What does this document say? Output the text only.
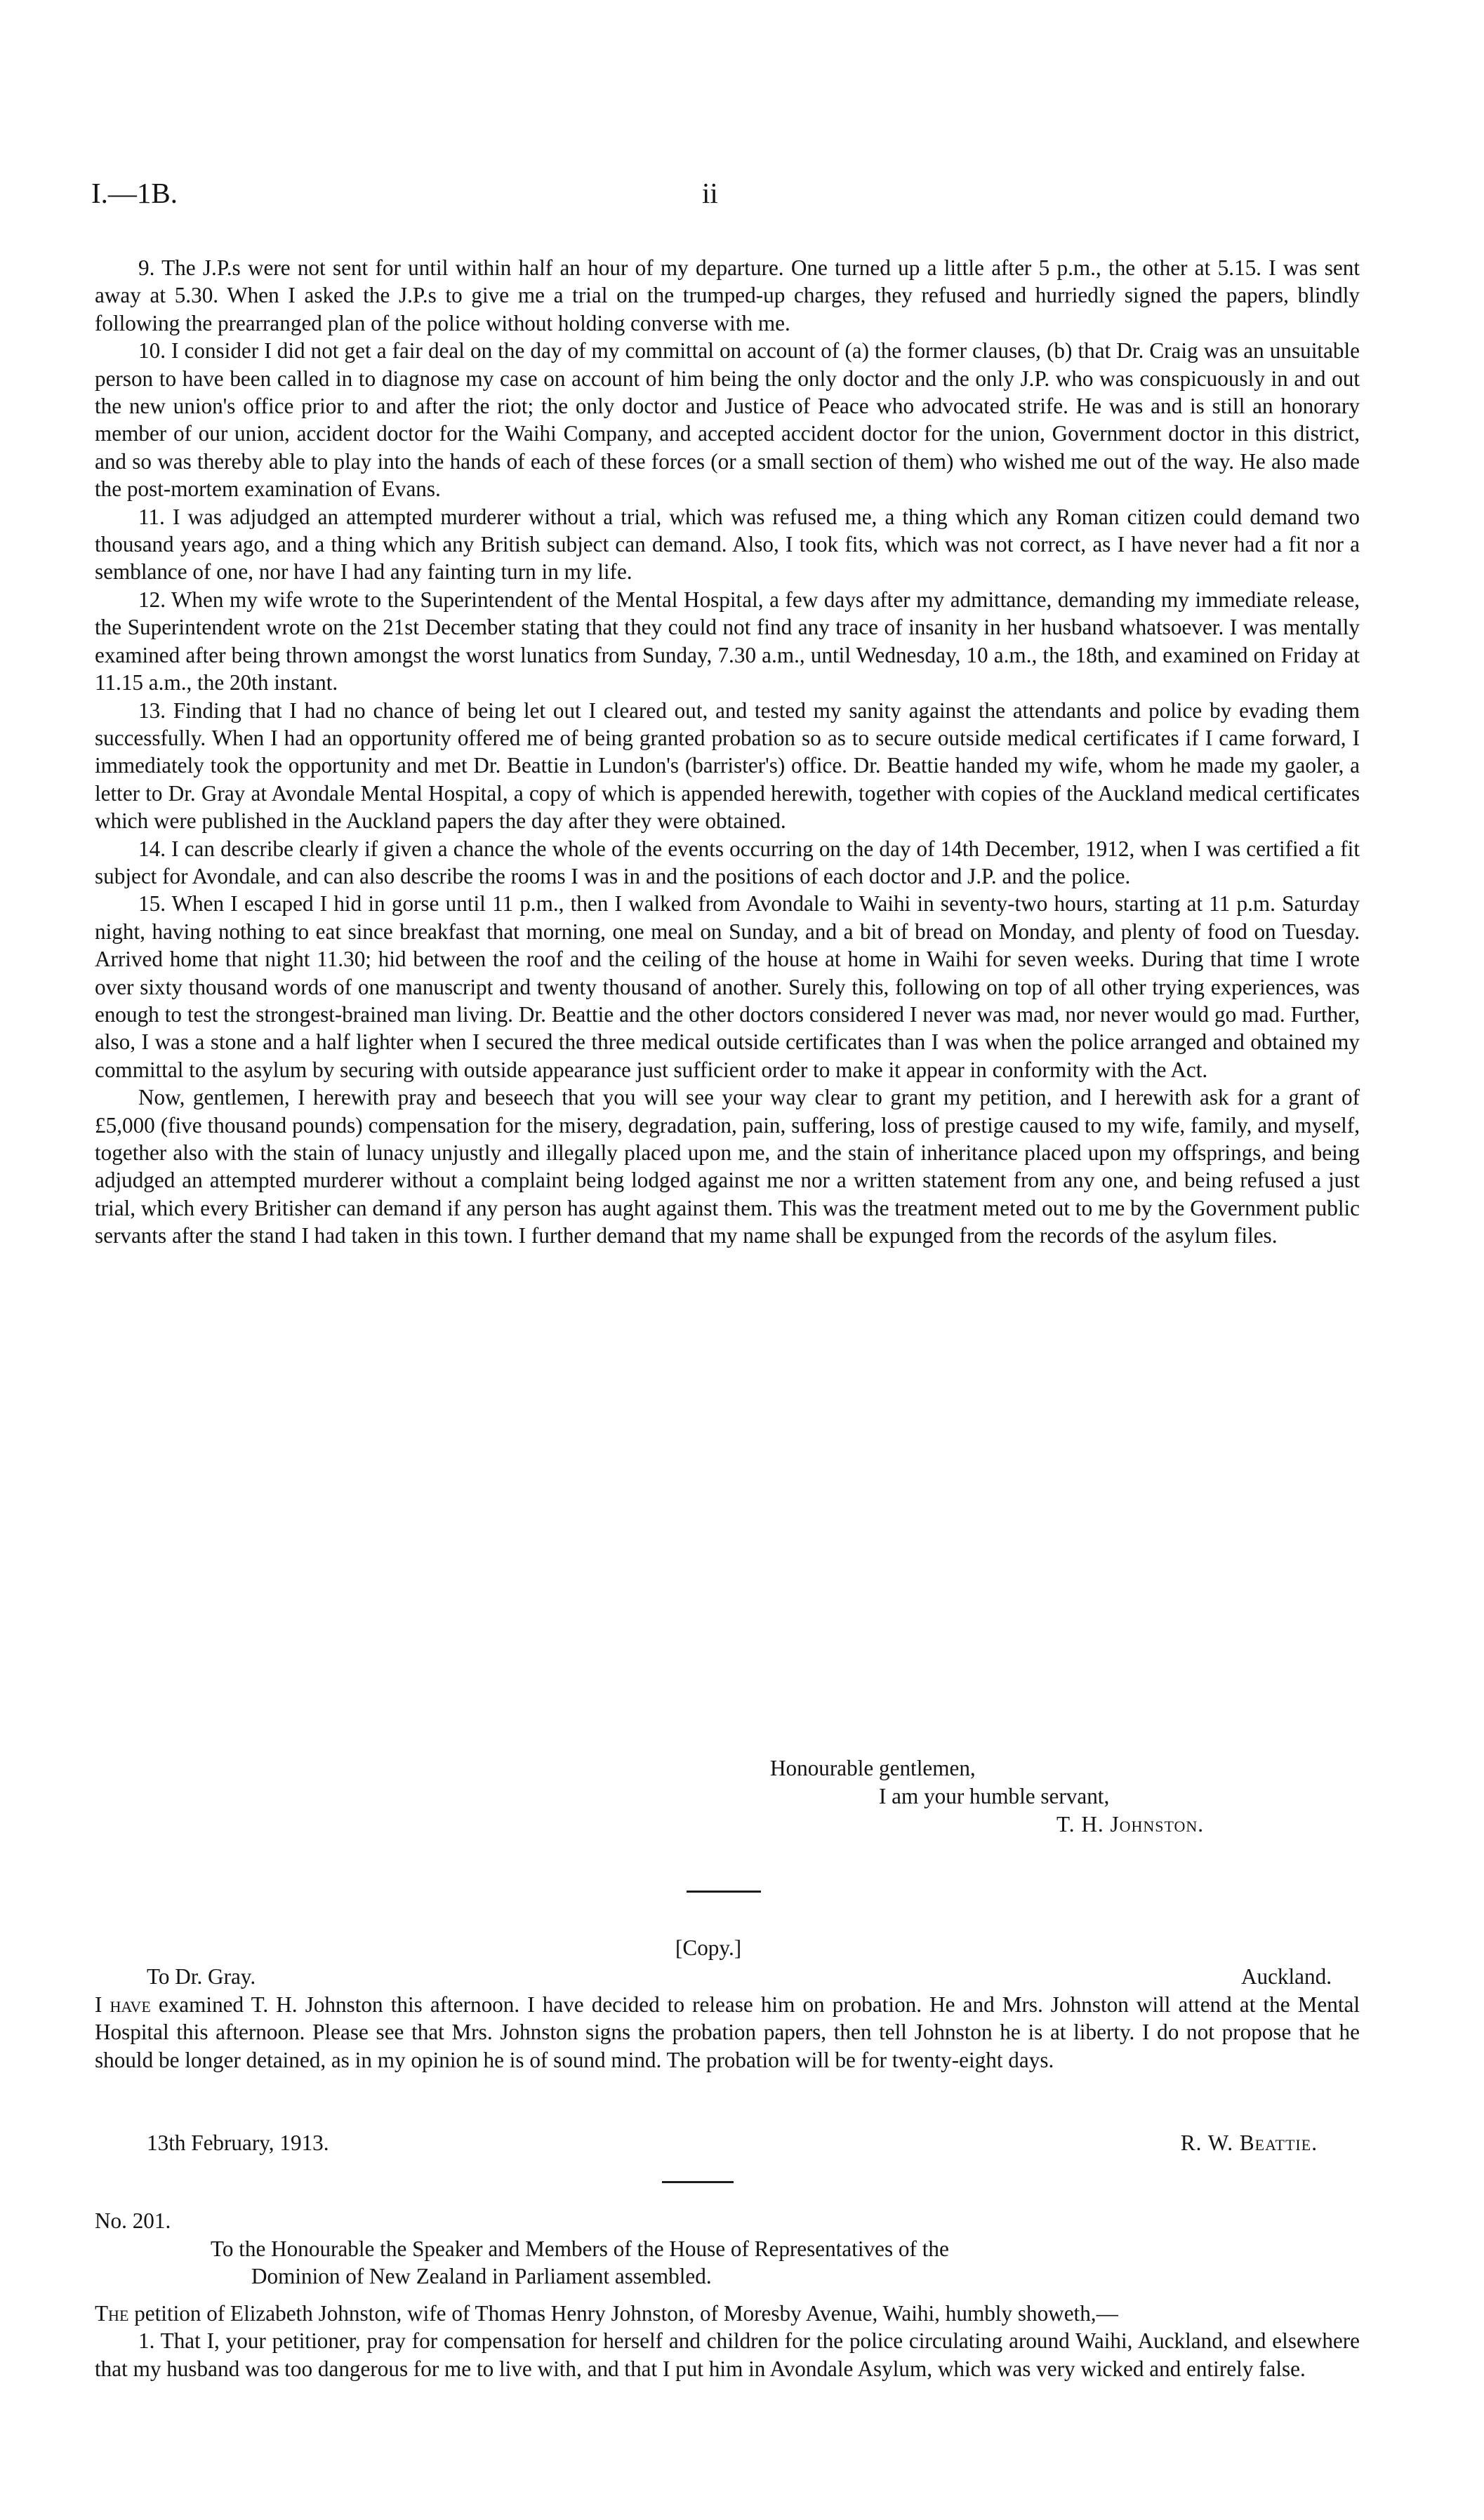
I.—1B.	ii

9. The J.P.s were not sent for until within half an hour of my departure. One turned up a little after 5 p.m., the other at 5.15. I was sent away at 5.30. When I asked the J.P.s to give me a trial on the trumped-up charges, they refused and hurriedly signed the papers, blindly following the prearranged plan of the police without holding converse with me.

10. I consider I did not get a fair deal on the day of my committal on account of (a) the former clauses, (b) that Dr. Craig was an unsuitable person to have been called in to diagnose my case on account of him being the only doctor and the only J.P. who was conspicuously in and out the new union's office prior to and after the riot; the only doctor and Justice of Peace who advocated strife. He was and is still an honorary member of our union, accident doctor for the Waihi Company, and accepted accident doctor for the union, Government doctor in this district, and so was thereby able to play into the hands of each of these forces (or a small section of them) who wished me out of the way. He also made the post-mortem examination of Evans.

11. I was adjudged an attempted murderer without a trial, which was refused me, a thing which any Roman citizen could demand two thousand years ago, and a thing which any British subject can demand. Also, I took fits, which was not correct, as I have never had a fit nor a semblance of one, nor have I had any fainting turn in my life.

12. When my wife wrote to the Superintendent of the Mental Hospital, a few days after my admittance, demanding my immediate release, the Superintendent wrote on the 21st December stating that they could not find any trace of insanity in her husband whatsoever. I was mentally examined after being thrown amongst the worst lunatics from Sunday, 7.30 a.m., until Wednesday, 10 a.m., the 18th, and examined on Friday at 11.15 a.m., the 20th instant.

13. Finding that I had no chance of being let out I cleared out, and tested my sanity against the attendants and police by evading them successfully. When I had an opportunity offered me of being granted probation so as to secure outside medical certificates if I came forward, I immediately took the opportunity and met Dr. Beattie in Lundon's (barrister's) office. Dr. Beattie handed my wife, whom he made my gaoler, a letter to Dr. Gray at Avondale Mental Hospital, a copy of which is appended herewith, together with copies of the Auckland medical certificates which were published in the Auckland papers the day after they were obtained.

14. I can describe clearly if given a chance the whole of the events occurring on the day of 14th December, 1912, when I was certified a fit subject for Avondale, and can also describe the rooms I was in and the positions of each doctor and J.P. and the police.

15. When I escaped I hid in gorse until 11 p.m., then I walked from Avondale to Waihi in seventy-two hours, starting at 11 p.m. Saturday night, having nothing to eat since breakfast that morning, one meal on Sunday, and a bit of bread on Monday, and plenty of food on Tuesday. Arrived home that night 11.30; hid between the roof and the ceiling of the house at home in Waihi for seven weeks. During that time I wrote over sixty thousand words of one manuscript and twenty thousand of another. Surely this, following on top of all other trying experiences, was enough to test the strongest-brained man living. Dr. Beattie and the other doctors considered I never was mad, nor never would go mad. Further, also, I was a stone and a half lighter when I secured the three medical outside certificates than I was when the police arranged and obtained my committal to the asylum by securing with outside appearance just sufficient order to make it appear in conformity with the Act.

Now, gentlemen, I herewith pray and beseech that you will see your way clear to grant my petition, and I herewith ask for a grant of £5,000 (five thousand pounds) compensation for the misery, degradation, pain, suffering, loss of prestige caused to my wife, family, and myself, together also with the stain of lunacy unjustly and illegally placed upon me, and the stain of inheritance placed upon my offsprings, and being adjudged an attempted murderer without a complaint being lodged against me nor a written statement from any one, and being refused a just trial, which every Britisher can demand if any person has aught against them. This was the treatment meted out to me by the Government public servants after the stand I had taken in this town. I further demand that my name shall be expunged from the records of the asylum files.

Honourable gentlemen,
I am your humble servant,
T. H. Johnston.
[Copy.]
To Dr. Gray.	Auckland.

I have examined T. H. Johnston this afternoon. I have decided to release him on probation. He and Mrs. Johnston will attend at the Mental Hospital this afternoon. Please see that Mrs. Johnston signs the probation papers, then tell Johnston he is at liberty. I do not propose that he should be longer detained, as in my opinion he is of sound mind. The probation will be for twenty-eight days.

13th February, 1913.	R. W. Beattie.
No. 201.
To the Honourable the Speaker and Members of the House of Representatives of the
Dominion of New Zealand in Parliament assembled.

The petition of Elizabeth Johnston, wife of Thomas Henry Johnston, of Moresby Avenue, Waihi, humbly showeth,—

1. That I, your petitioner, pray for compensation for herself and children for the police circulating around Waihi, Auckland, and elsewhere that my husband was too dangerous for me to live with, and that I put him in Avondale Asylum, which was very wicked and entirely false.
